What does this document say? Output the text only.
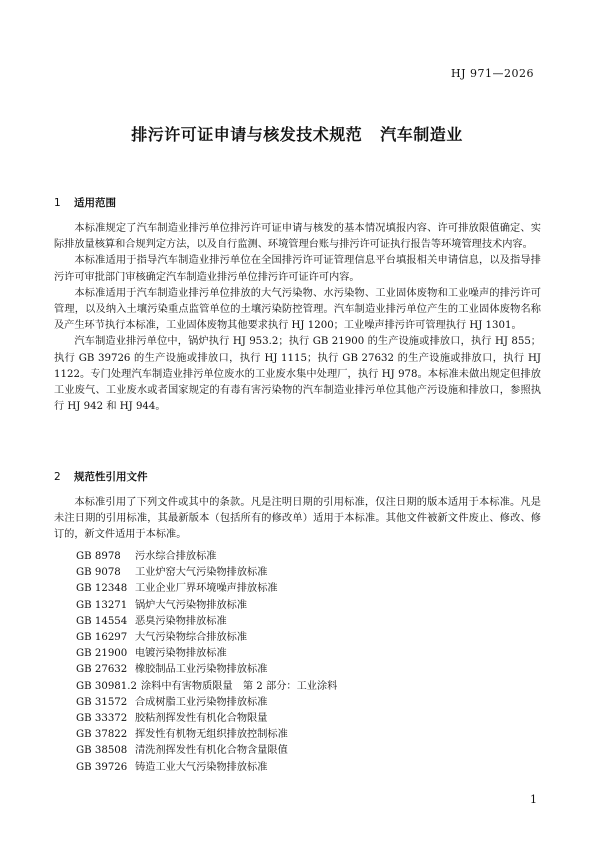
HJ 971—2026
排污许可证申请与核发技术规范 汽车制造业
1 适用范围

本标准规定了汽车制造业排污单位排污许可证申请与核发的基本情况填报内容、许可排放限值确定、实际排放量核算和合规判定方法，以及自行监测、环境管理台账与排污许可证执行报告等环境管理技术内容。

本标准适用于指导汽车制造业排污单位在全国排污许可证管理信息平台填报相关申请信息，以及指导排污许可审批部门审核确定汽车制造业排污单位排污许可证许可内容。

本标准适用于汽车制造业排污单位排放的大气污染物、水污染物、工业固体废物和工业噪声的排污许可管理，以及纳入土壤污染重点监管单位的土壤污染防控管理。汽车制造业排污单位产生的工业固体废物名称及产生环节执行本标准，工业固体废物其他要求执行 HJ 1200；工业噪声排污许可管理执行 HJ 1301。

汽车制造业排污单位中，锅炉执行 HJ 953.2；执行 GB 21900 的生产设施或排放口，执行 HJ 855；执行 GB 39726 的生产设施或排放口，执行 HJ 1115；执行 GB 27632 的生产设施或排放口，执行 HJ 1122。专门处理汽车制造业排污单位废水的工业废水集中处理厂，执行 HJ 978。本标准未做出规定但排放工业废气、工业废水或者国家规定的有毒有害污染物的汽车制造业排污单位其他产污设施和排放口，参照执行 HJ 942 和 HJ 944。

2 规范性引用文件

本标准引用了下列文件或其中的条款。凡是注明日期的引用标准，仅注日期的版本适用于本标准。凡是未注日期的引用标准，其最新版本（包括所有的修改单）适用于本标准。其他文件被新文件废止、修改、修订的，新文件适用于本标准。

GB 8978 污水综合排放标准
GB 9078 工业炉窑大气污染物排放标准
GB 12348 工业企业厂界环境噪声排放标准
GB 13271 锅炉大气污染物排放标准
GB 14554 恶臭污染物排放标准
GB 16297 大气污染物综合排放标准
GB 21900 电镀污染物排放标准
GB 27632 橡胶制品工业污染物排放标准
GB 30981.2 涂料中有害物质限量　第 2 部分：工业涂料
GB 31572 合成树脂工业污染物排放标准
GB 33372 胶粘剂挥发性有机化合物限量
GB 37822 挥发性有机物无组织排放控制标准
GB 38508 清洗剂挥发性有机化合物含量限值
GB 39726 铸造工业大气污染物排放标准
1
